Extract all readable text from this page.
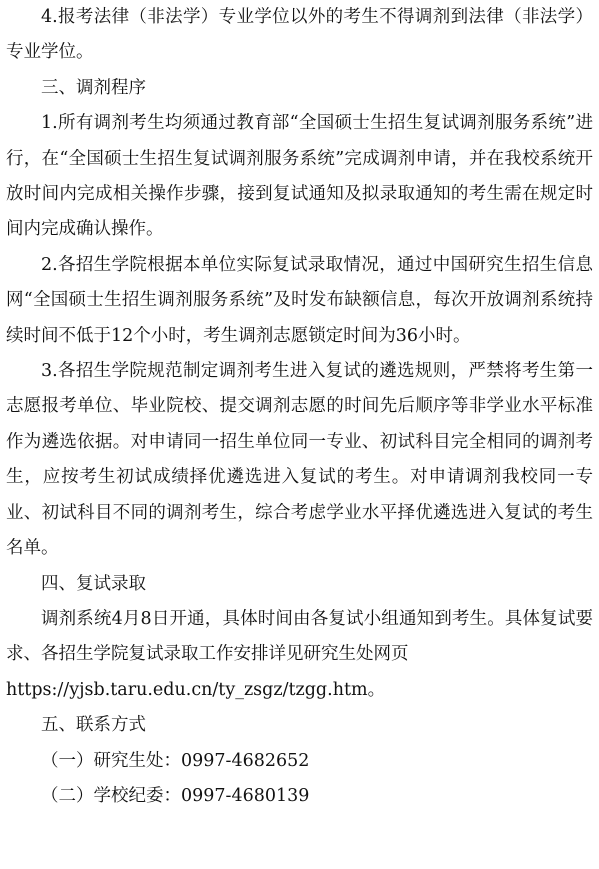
4.报考法律（非法学）专业学位以外的考生不得调剂到法律（非法学）专业学位。

三、调剂程序

1.所有调剂考生均须通过教育部“全国硕士生招生复试调剂服务系统”进行，在“全国硕士生招生复试调剂服务系统”完成调剂申请，并在我校系统开放时间内完成相关操作步骤，接到复试通知及拟录取通知的考生需在规定时间内完成确认操作。

2.各招生学院根据本单位实际复试录取情况，通过中国研究生招生信息网“全国硕士生招生调剂服务系统”及时发布缺额信息，每次开放调剂系统持续时间不低于12个小时，考生调剂志愿锁定时间为36小时。

3.各招生学院规范制定调剂考生进入复试的遴选规则，严禁将考生第一志愿报考单位、毕业院校、提交调剂志愿的时间先后顺序等非学业水平标准作为遴选依据。对申请同一招生单位同一专业、初试科目完全相同的调剂考生，应按考生初试成绩择优遴选进入复试的考生。对申请调剂我校同一专业、初试科目不同的调剂考生，综合考虑学业水平择优遴选进入复试的考生名单。

四、复试录取

调剂系统4月8日开通，具体时间由各复试小组通知到考生。具体复试要求、各招生学院复试录取工作安排详见研究生处网页

https://yjsb.taru.edu.cn/ty_zsgz/tzgg.htm。

五、联系方式

（一）研究生处：0997-4682652

（二）学校纪委：0997-4680139
